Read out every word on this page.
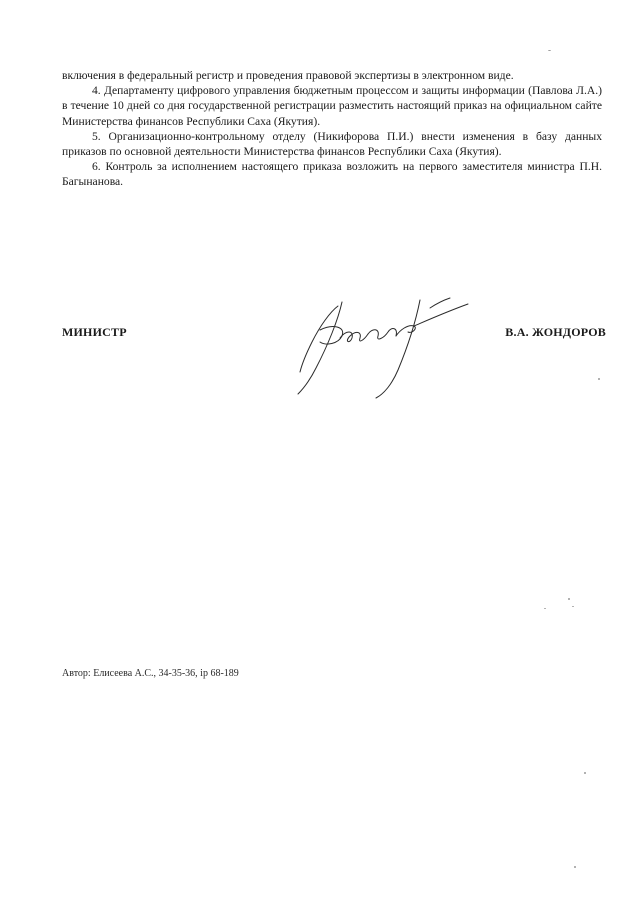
включения в федеральный регистр и проведения правовой экспертизы в электронном виде.

4. Департаменту цифрового управления бюджетным процессом и защиты информации (Павлова Л.А.) в течение 10 дней со дня государственной регистрации разместить настоящий приказ на официальном сайте Министерства финансов Республики Саха (Якутия).

5. Организационно-контрольному отделу (Никифорова П.И.) внести изменения в базу данных приказов по основной деятельности Министерства финансов Республики Саха (Якутия).

6. Контроль за исполнением настоящего приказа возложить на первого заместителя министра П.Н. Багынанова.

МИНИСТР	В.А. ЖОНДОРОВ
Автор: Елисеева А.С., 34-35-36, ip 68-189
